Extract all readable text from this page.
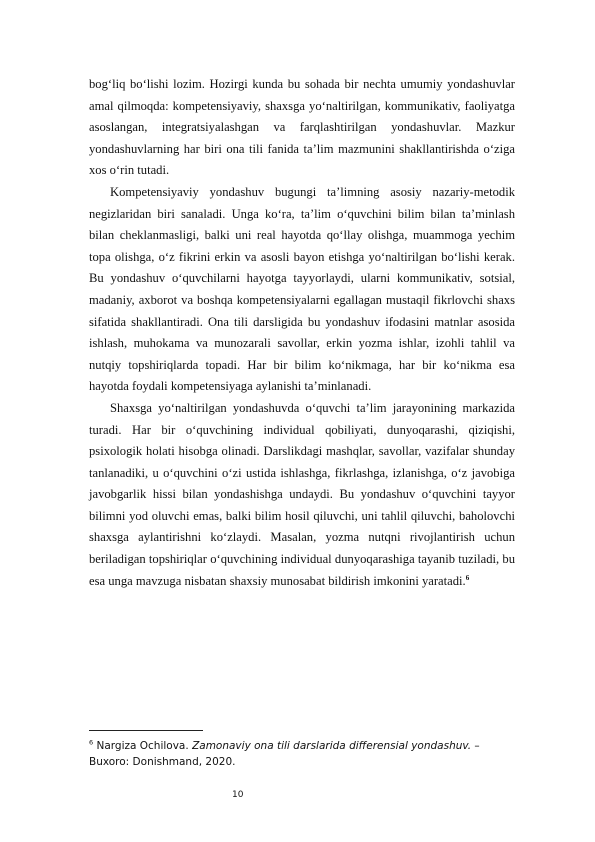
bog‘liq bo‘lishi lozim. Hozirgi kunda bu sohada bir nechta umumiy yondashuvlar amal qilmoqda: kompetensiyaviy, shaxsga yo‘naltirilgan, kommunikativ, faoliyatga asoslangan, integratsiyalashgan va farqlashtirilgan yondashuvlar. Mazkur yondashuvlarning har biri ona tili fanida ta’lim mazmunini shakllantirishda o‘ziga xos o‘rin tutadi.

Kompetensiyaviy yondashuv bugungi ta’limning asosiy nazariy-metodik negizlaridan biri sanaladi. Unga ko‘ra, ta’lim o‘quvchini bilim bilan ta’minlash bilan cheklanmasligi, balki uni real hayotda qo‘llay olishga, muammoga yechim topa olishga, o‘z fikrini erkin va asosli bayon etishga yo‘naltirilgan bo‘lishi kerak. Bu yondashuv o‘quvchilarni hayotga tayyorlaydi, ularni kommunikativ, sotsial, madaniy, axborot va boshqa kompetensiyalarni egallagan mustaqil fikrlovchi shaxs sifatida shakllantiradi. Ona tili darsligida bu yondashuv ifodasini matnlar asosida ishlash, muhokama va munozarali savollar, erkin yozma ishlar, izohli tahlil va nutqiy topshiriqlarda topadi. Har bir bilim ko‘nikmaga, har bir ko‘nikma esa hayotda foydali kompetensiyaga aylanishi ta’minlanadi.

Shaxsga yo‘naltirilgan yondashuvda o‘quvchi ta’lim jarayonining markazida turadi. Har bir o‘quvchining individual qobiliyati, dunyoqarashi, qiziqishi, psixologik holati hisobga olinadi. Darslikdagi mashqlar, savollar, vazifalar shunday tanlanadiki, u o‘quvchini o‘zi ustida ishlashga, fikrlashga, izlanishga, o‘z javobiga javobgarlik hissi bilan yondashishga undaydi. Bu yondashuv o‘quvchini tayyor bilimni yod oluvchi emas, balki bilim hosil qiluvchi, uni tahlil qiluvchi, baholovchi shaxsga aylantirishni ko‘zlaydi. Masalan, yozma nutqni rivojlantirish uchun beriladigan topshiriqlar o‘quvchining individual dunyoqarashiga tayanib tuziladi, bu esa unga mavzuga nisbatan shaxsiy munosabat bildirish imkonini yaratadi.$^6$

$^6$ Nargiza Ochilova. Zamonaviy ona tili darslarida differensial yondashuv. – Buxoro: Donishmand, 2020.
10
